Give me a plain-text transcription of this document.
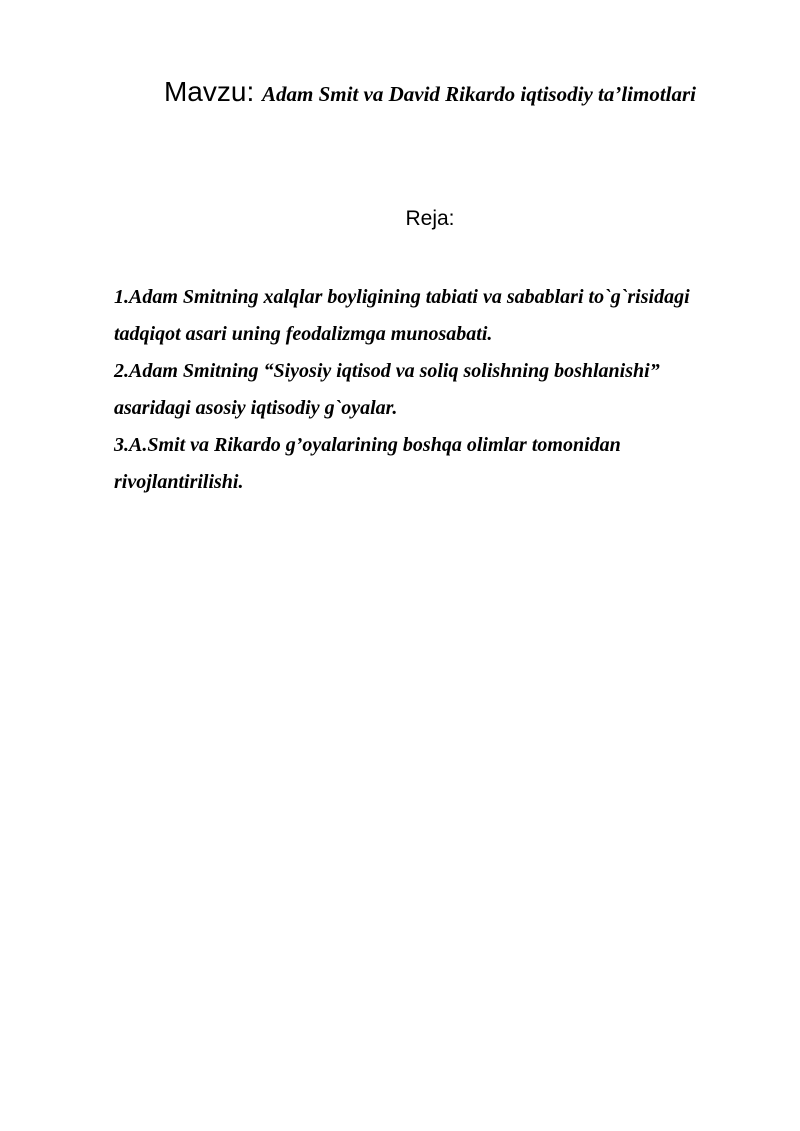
Mavzu: Adam Smit va David Rikardo iqtisodiy ta’limotlari
Reja:
1.Adam Smitning xalqlar boyligining tabiati va sabablari to`g`risidagi
tadqiqot asari uning feodalizmga munosabati.
2.Adam Smitning “Siyosiy iqtisod va soliq solishning boshlanishi”
asaridagi asosiy iqtisodiy g`oyalar.
3.A.Smit va Rikardo g’oyalarining boshqa olimlar tomonidan
rivojlantirilishi.
